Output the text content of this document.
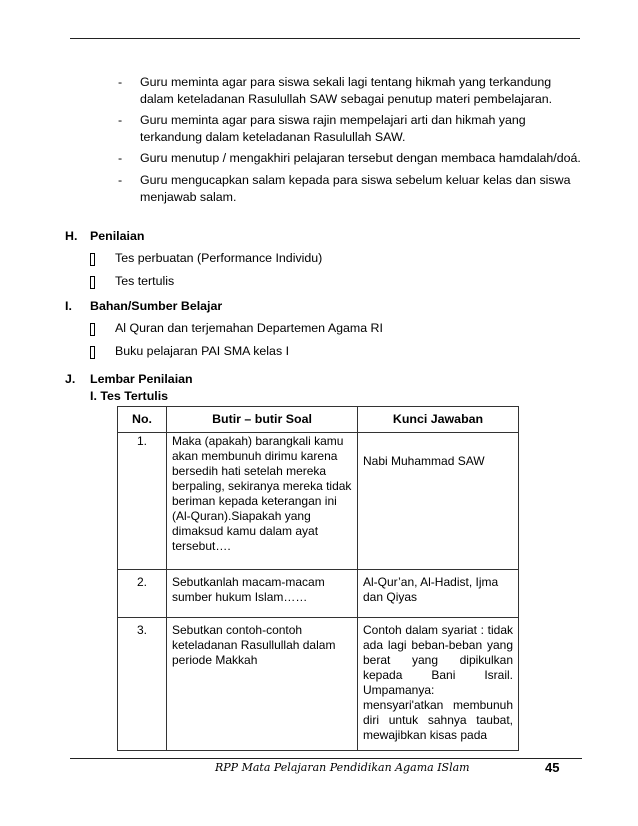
- Guru meminta agar para siswa sekali lagi tentang hikmah yang terkandung dalam keteladanan Rasulullah SAW sebagai penutup materi pembelajaran.
- Guru meminta agar para siswa rajin mempelajari arti dan hikmah yang terkandung dalam keteladanan Rasulullah SAW.
- Guru menutup / mengakhiri pelajaran tersebut dengan membaca hamdalah/doá.
- Guru mengucapkan salam kepada para siswa sebelum keluar kelas dan siswa menjawab salam.
H. Penilaian
Tes perbuatan (Performance Individu)
Tes tertulis
I. Bahan/Sumber Belajar
Al Quran dan terjemahan Departemen Agama RI
Buku pelajaran PAI SMA kelas I
J. Lembar Penilaian
I. Tes Tertulis
No.	Butir – butir Soal	Kunci Jawaban
1.	Maka (apakah) barangkali kamu akan membunuh dirimu karena bersedih hati setelah mereka berpaling, sekiranya mereka tidak beriman kepada keterangan ini (Al-Quran).Siapakah yang dimaksud kamu dalam ayat tersebut….	Nabi Muhammad SAW
2.	Sebutkanlah macam-macam sumber hukum Islam……	Al-Qur’an, Al-Hadist, Ijma dan Qiyas
3.	Sebutkan contoh-contoh keteladanan Rasullullah dalam periode Makkah	Contoh dalam syariat : tidak ada lagi beban-beban yang berat yang dipikulkan kepada Bani Israil. Umpamanya: mensyari'atkan membunuh diri untuk sahnya taubat, mewajibkan kisas pada
RPP Mata Pelajaran Pendidikan Agama ISlam	45
